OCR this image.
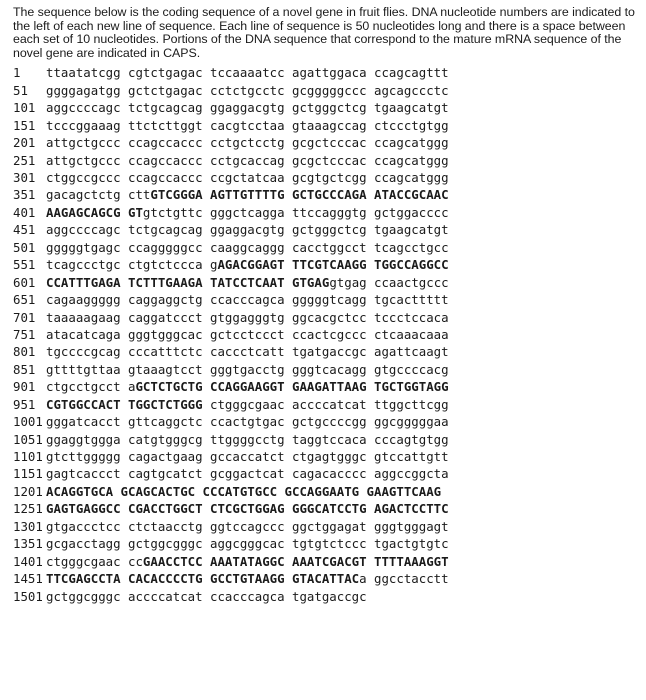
The sequence below is the coding sequence of a novel gene in fruit flies. DNA nucleotide numbers are indicated to the left of each new line of sequence. Each line of sequence is 50 nucleotides long and there is a space between each set of 10 nucleotides. Portions of the DNA sequence that correspond to the mature mRNA sequence of the novel gene are indicated in CAPS.

1	ttaatatcgg cgtctgagac tccaaaatcc agattggaca ccagcagttt
51	ggggagatgg gctctgagac cctctgcctc gcgggggccc agcagccctc
101 aggccccagc tctgcagcag ggaggacgtg gctgggctcg tgaagcatgt
151 tcccggaaag ttctcttggt cacgtcctaa gtaaagccag ctccctgtgg
201 attgctgccc ccagccaccc cctgctcctg gcgctcccac ccagcatggg
251 attgctgccc ccagccaccc cctgcaccag gcgctcccac ccagcatggg
301 ctggccgccc ccagccaccc ccgctatcaa gcgtgctcgg ccagcatggg
351 gacagctctg cttGTCGGGA AGTTGTTTTG GCTGCCCAGA ATACCGCAAC
401 AAGAGCAGCG GTgtctgttc gggctcagga ttccagggtg gctggacccc
451 aggccccagc tctgcagcag ggaggacgtg gctgggctcg tgaagcatgt
501 gggggtgagc ccagggggcc caaggcaggg cacctggcct tcagcctgcc
551 tcagccctgc ctgtctccca gAGACGGAGT TTCGTCAAGG TGGCCAGGCC
601 CCATTTGAGA TCTTTGAAGA TATCCTCAAT GTGAGgtgag ccaactgccc
651 cagaaggggg caggaggctg ccacccagca gggggtcagg tgcacttttt
701 taaaaagaag caggatccct gtggagggtg ggcacgctcc tccctccaca
751 atacatcaga gggtgggcac gctcctccct ccactcgccc ctcaaacaaa
801 tgccccgcag cccatttctc caccctcatt tgatgaccgc agattcaagt
851 gttttgttaa gtaaagtcct gggtgacctg gggtcacagg gtgccccacg
901 ctgcctgcct aGCTCTGCTG CCAGGAAGGT GAAGATTAAG TGCTGGTAGG
951 CGTGGCCACT TGGCTCTGGG ctgggcgaac accccatcat ttggcttcgg
1001 gggatcacct gttcaggctc ccactgtgac gctgccccgg ggcgggggaa
1051 ggaggtggga catgtgggcg ttggggcctg taggtccaca cccagtgtgg
1101 gtcttggggg cagactgaag gccaccatct ctgagtgggc gtccattgtt
1151 gagtcaccct cagtgcatct gcggactcat cagacacccc aggccggcta
1201 ACAGGTGCA GCAGCACTGC CCCATGTGCC GCCAGGAATG GAAGTTCAAG
1251 GAGTGAGGCC CGACCTGGCT CTCGCTGGAG GGGCATCCTG AGACTCCTTC
1301 gtgaccctcc ctctaacctg ggtccagccc ggctggagat gggtgggagt
1351 gcgacctagg gctggcgggc aggcgggcac tgtgtctccc tgactgtgtc
1401 ctgggcgaac ccGAACCTCC AAATATAGGC AAATCGACGT TTTTAAAGGT
1451 TTCGAGCCTA CACACCCCTG GCCTGTAAGG GTACATTACa ggcctacctt
1501 gctggcgggc accccatcat ccacccagca tgatgaccgc
